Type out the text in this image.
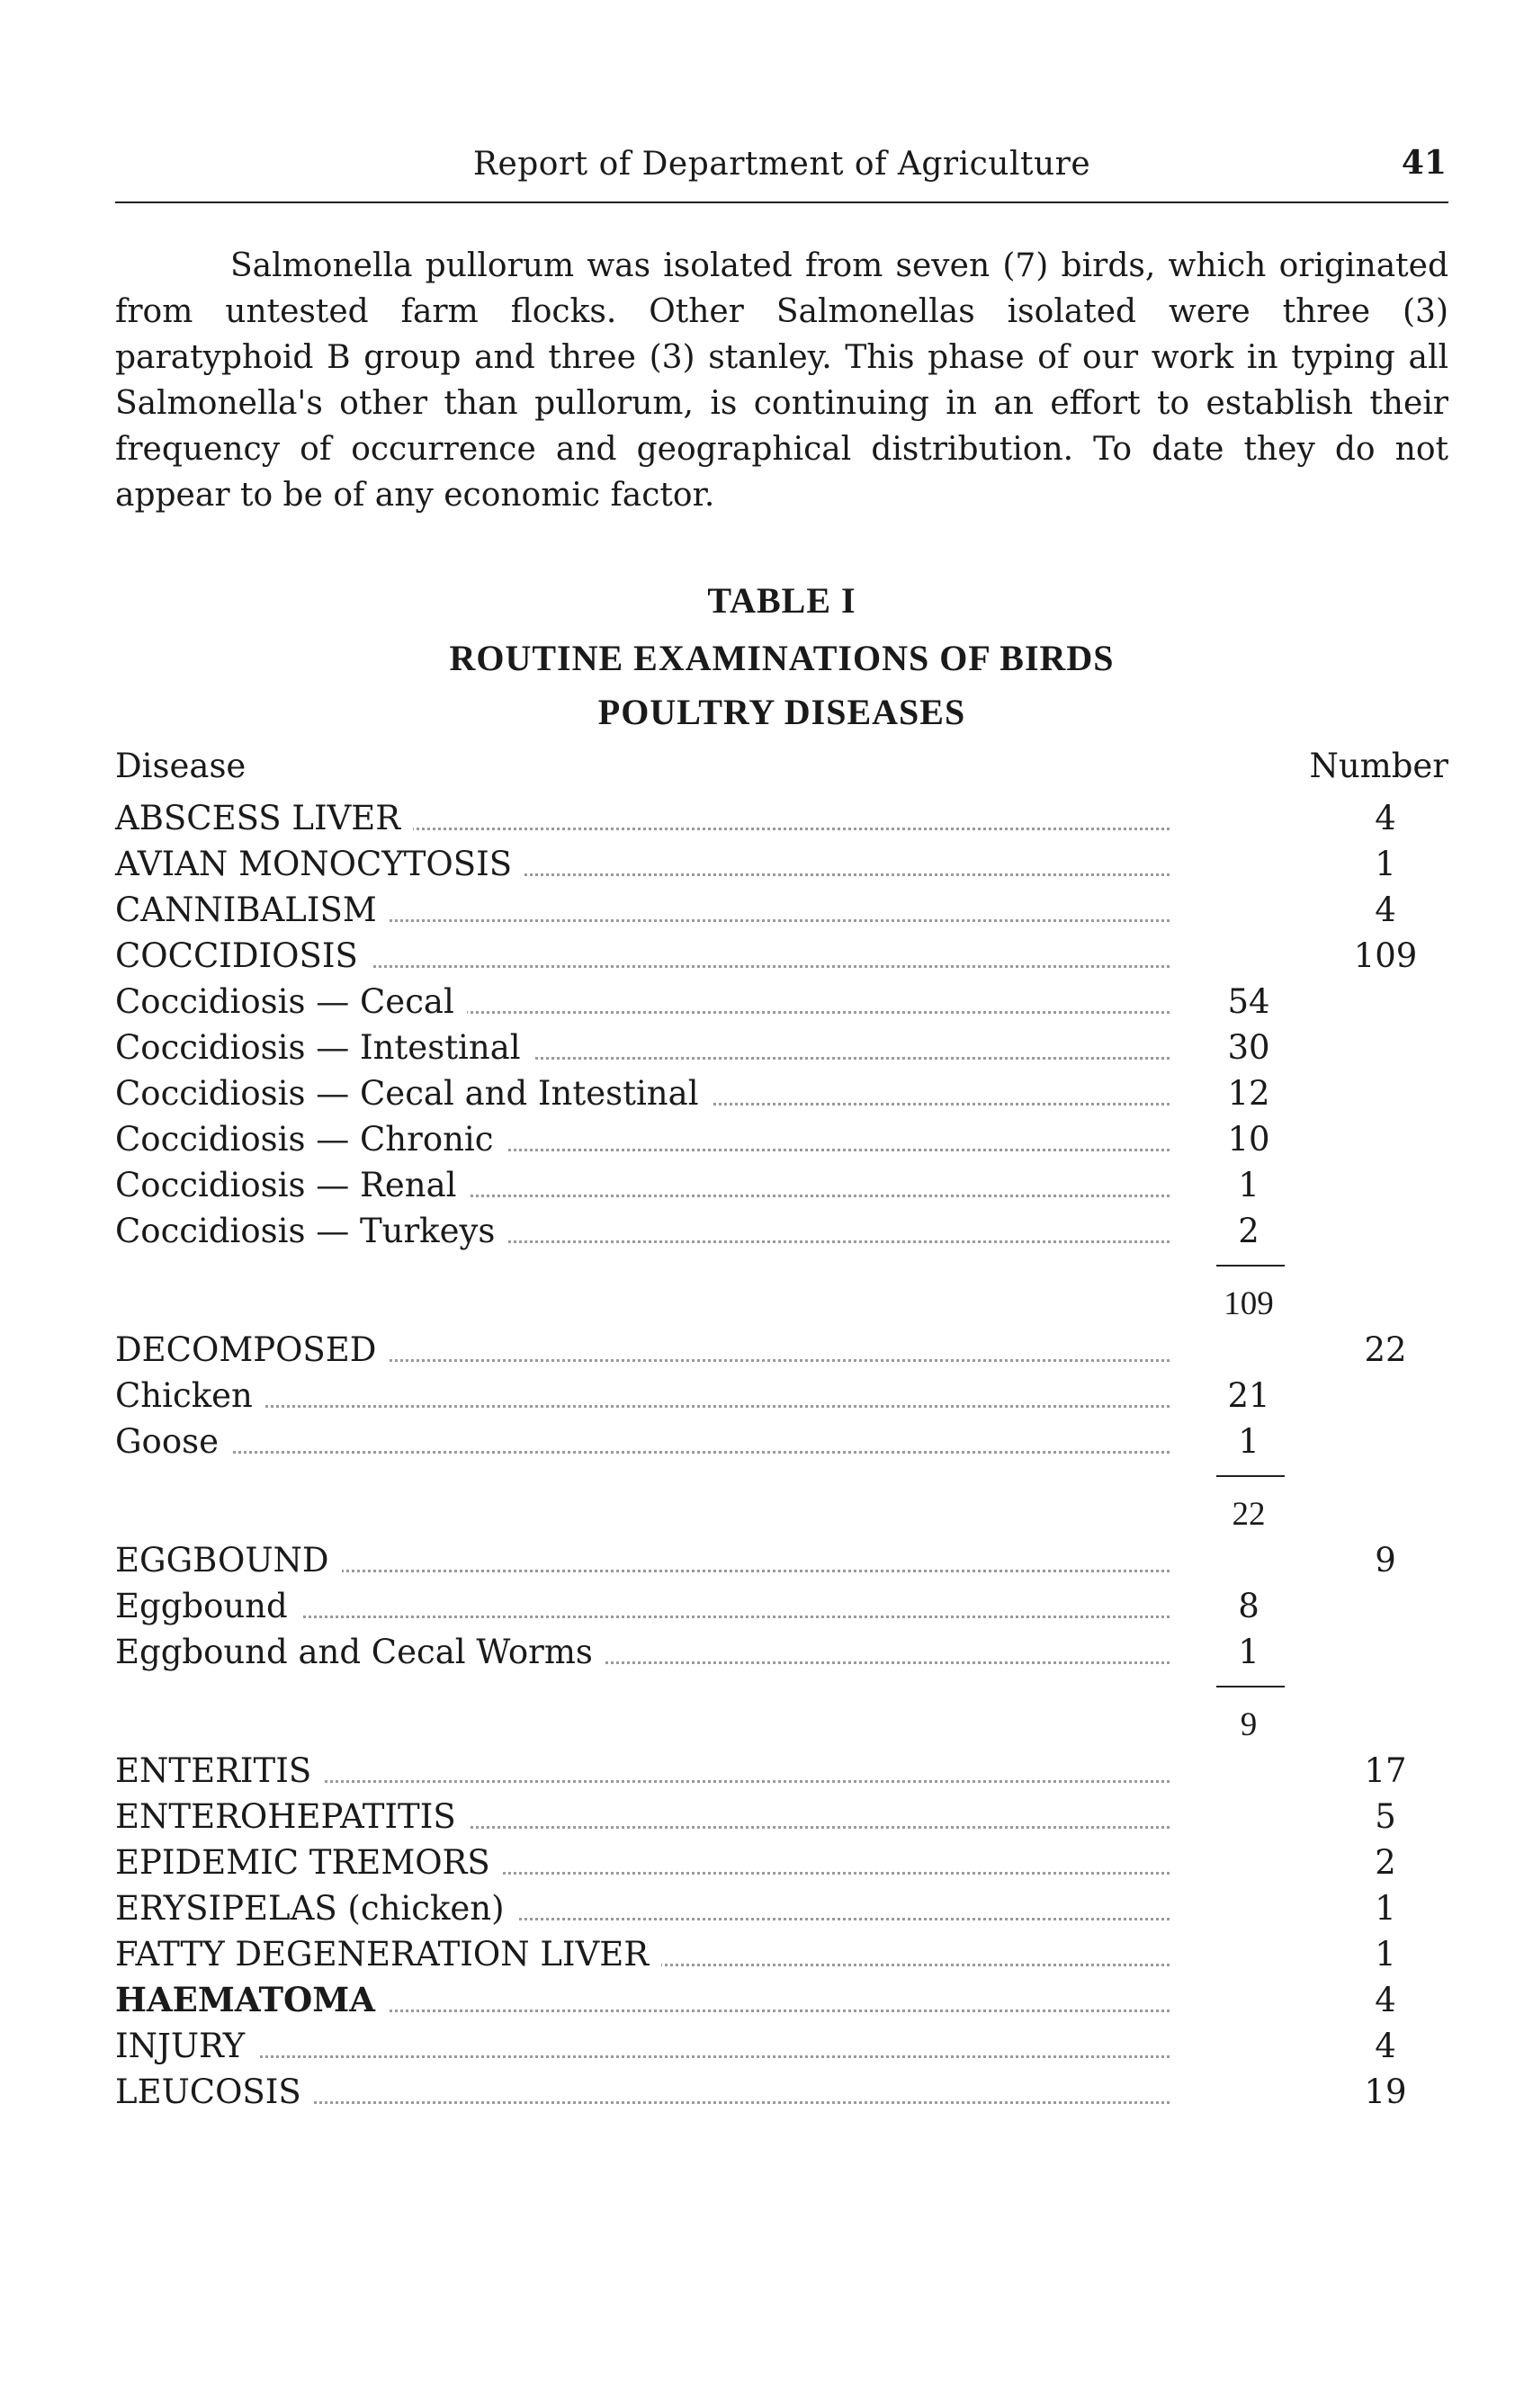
Report of Department of Agriculture	41

Salmonella pullorum was isolated from seven (7) birds, which originated from untested farm flocks. Other Salmonellas isolated were three (3) paratyphoid B group and three (3) stanley. This phase of our work in typing all Salmonella's other than pullorum, is continuing in an effort to establish their frequency of occurrence and geographical distribution. To date they do not appear to be of any economic factor.

TABLE I
ROUTINE EXAMINATIONS OF BIRDS
POULTRY DISEASES
Disease	Number
ABSCESS LIVER	4
AVIAN MONOCYTOSIS	1
CANNIBALISM	4
COCCIDIOSIS	109
Coccidiosis — Cecal	54
Coccidiosis — Intestinal	30
Coccidiosis — Cecal and Intestinal	12
Coccidiosis — Chronic	10
Coccidiosis — Renal	1
Coccidiosis — Turkeys	2
109
DECOMPOSED	22
Chicken	21
Goose	1
22
EGGBOUND	9
Eggbound	8
Eggbound and Cecal Worms	1
9
ENTERITIS	17
ENTEROHEPATITIS	5
EPIDEMIC TREMORS	2
ERYSIPELAS (chicken)	1
FATTY DEGENERATION LIVER	1
HAEMATOMA	4
INJURY	4
LEUCOSIS	19
